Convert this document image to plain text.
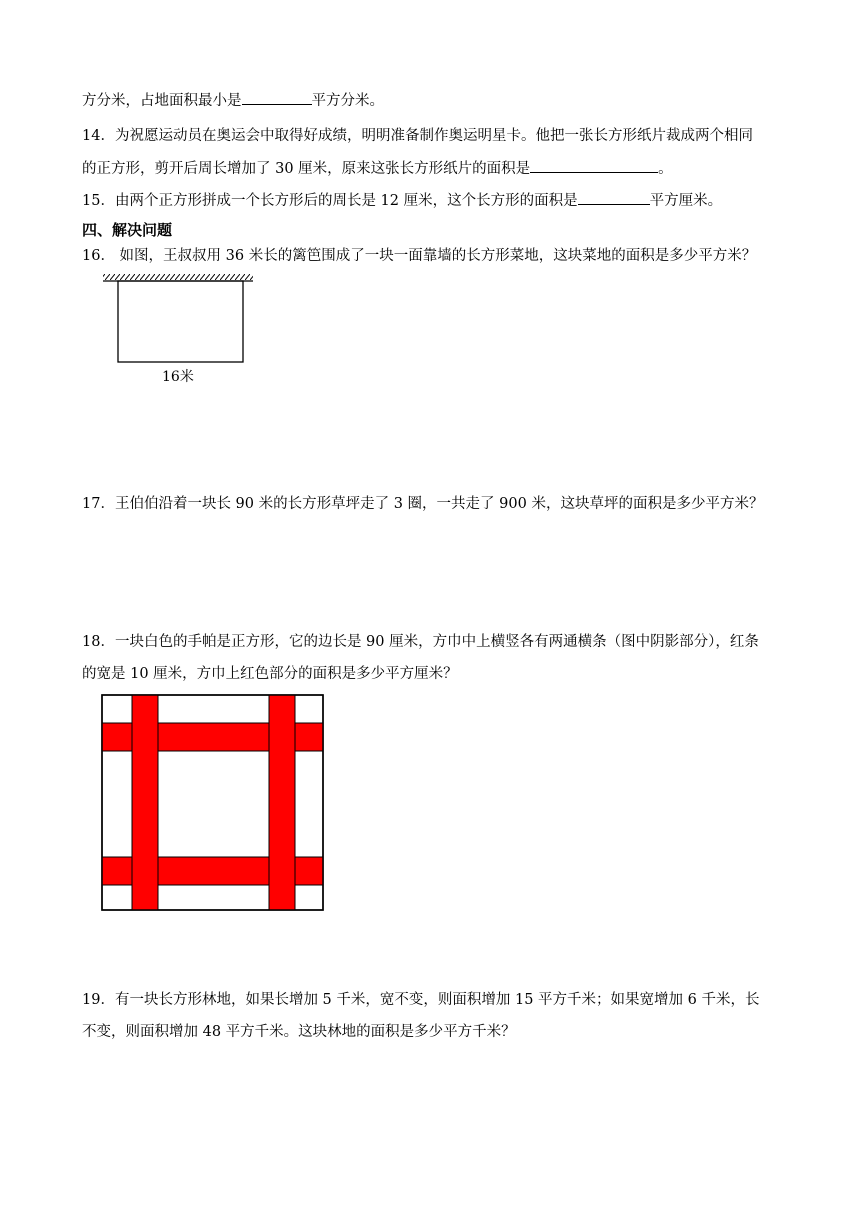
方分米，占地面积最小是	平方分米。

14．为祝愿运动员在奥运会中取得好成绩，明明准备制作奥运明星卡。他把一张长方形纸片裁成两个相同

的正方形，剪开后周长增加了 30 厘米，原来这张长方形纸片的面积是	。

15．由两个正方形拼成一个长方形后的周长是 12 厘米，这个长方形的面积是	平方厘米。

四、解决问题

16． 如图，王叔叔用 36 米长的篱笆围成了一块一面靠墙的长方形菜地，这块菜地的面积是多少平方米？

16米

17．王伯伯沿着一块长 90 米的长方形草坪走了 3 圈，一共走了 900 米，这块草坪的面积是多少平方米？

18．一块白色的手帕是正方形，它的边长是 90 厘米，方巾中上横竖各有两通横条（图中阴影部分），红条

的宽是 10 厘米，方巾上红色部分的面积是多少平方厘米？

19．有一块长方形林地，如果长增加 5 千米，宽不变，则面积增加 15 平方千米；如果宽增加 6 千米，长

不变，则面积增加 48 平方千米。这块林地的面积是多少平方千米？
